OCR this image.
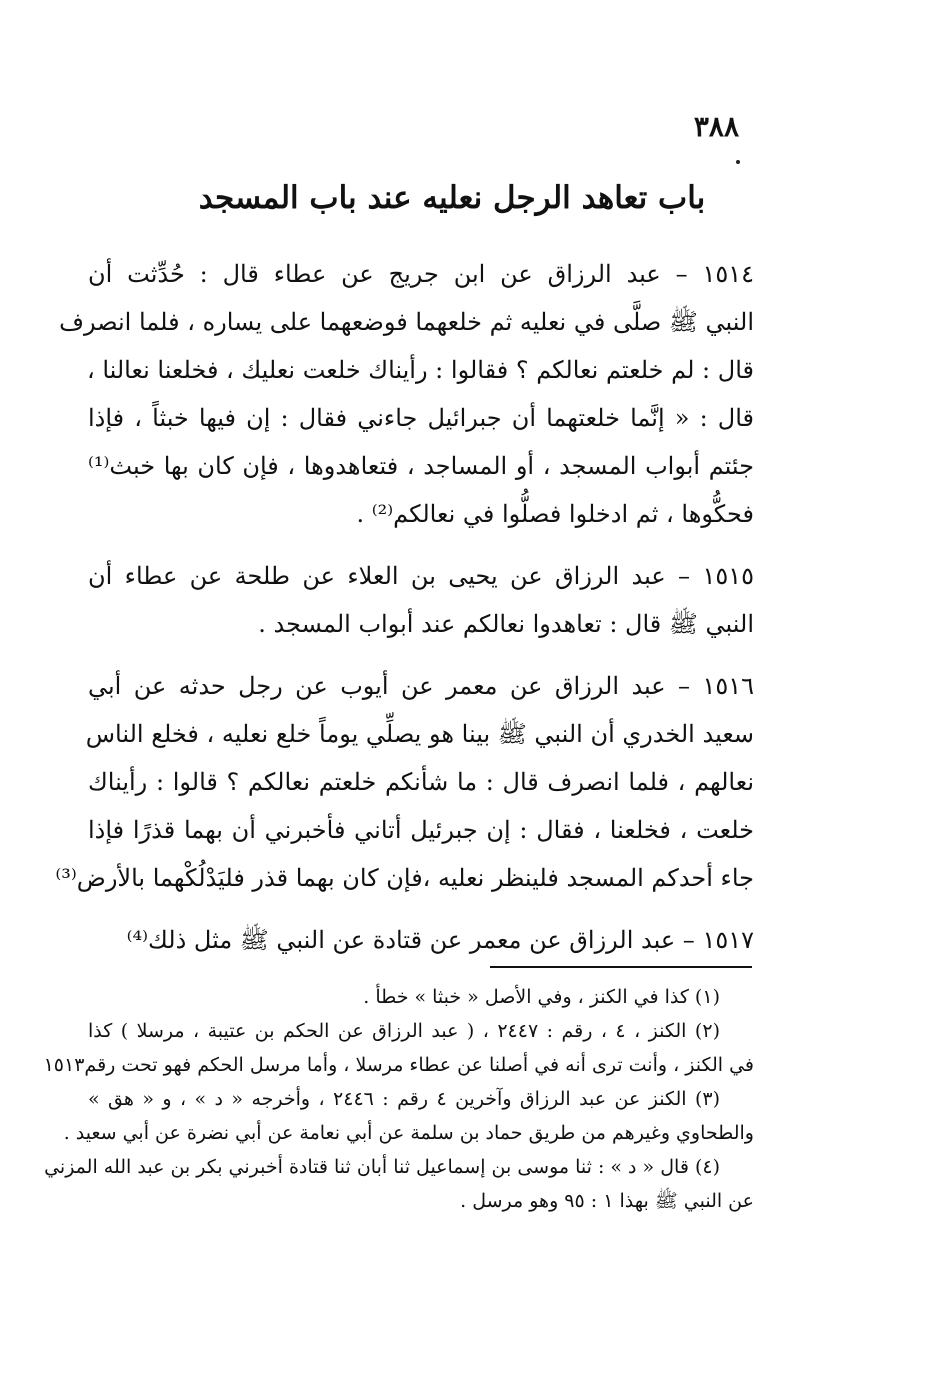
٣٨٨
باب تعاهد الرجل نعليه عند باب المسجد
١٥١٤ – عبد الرزاق عن ابن جريج عن عطاء قال : حُدِّثت أن
النبي ﷺ صلَّى في نعليه ثم خلعهما فوضعهما على يساره ، فلما انصرف
قال : لم خلعتم نعالكم ؟ فقالوا : رأيناك خلعت نعليك ، فخلعنا نعالنا ،
قال : « إنَّما خلعتهما أن جبرائيل جاءني فقال : إن فيها خبثاً ، فإذا
جئتم أبواب المسجد ، أو المساجد ، فتعاهدوها ، فإن كان بها خبث⁽¹⁾
فحكُّوها ، ثم ادخلوا فصلُّوا في نعالكم⁽²⁾ .
١٥١٥ – عبد الرزاق عن يحيى بن العلاء عن طلحة عن عطاء أن
النبي ﷺ قال : تعاهدوا نعالكم عند أبواب المسجد .
١٥١٦ – عبد الرزاق عن معمر عن أيوب عن رجل حدثه عن أبي
سعيد الخدري أن النبي ﷺ بينا هو يصلِّي يوماً خلع نعليه ، فخلع الناس
نعالهم ، فلما انصرف قال : ما شأنكم خلعتم نعالكم ؟ قالوا : رأيناك
خلعت ، فخلعنا ، فقال : إن جبرئيل أتاني فأخبرني أن بهما قذرًا فإذا
جاء أحدكم المسجد فلينظر نعليه ،فإن كان بهما قذر فليَدْلُكْهما بالأرض⁽³⁾
١٥١٧ – عبد الرزاق عن معمر عن قتادة عن النبي ﷺ مثل ذلك⁽⁴⁾
(١) كذا في الكنز ، وفي الأصل « خبثا » خطأ .
(٢) الكنز ، ٤ ، رقم : ٢٤٤٧ ، ( عبد الرزاق عن الحكم بن عتيبة ، مرسلا ) كذا
في الكنز ، وأنت ترى أنه في أصلنا عن عطاء مرسلا ، وأما مرسل الحكم فهو تحت رقم١٥١٣
(٣) الكنز عن عبد الرزاق وآخرين ٤ رقم : ٢٤٤٦ ، وأخرجه « د » ، و « هق »
والطحاوي وغيرهم من طريق حماد بن سلمة عن أبي نعامة عن أبي نضرة عن أبي سعيد .
(٤) قال « د » : ثنا موسى بن إسماعيل ثنا أبان ثنا قتادة أخبرني بكر بن عبد الله المزني
عن النبي ﷺ بهذا ١ : ٩٥ وهو مرسل .
